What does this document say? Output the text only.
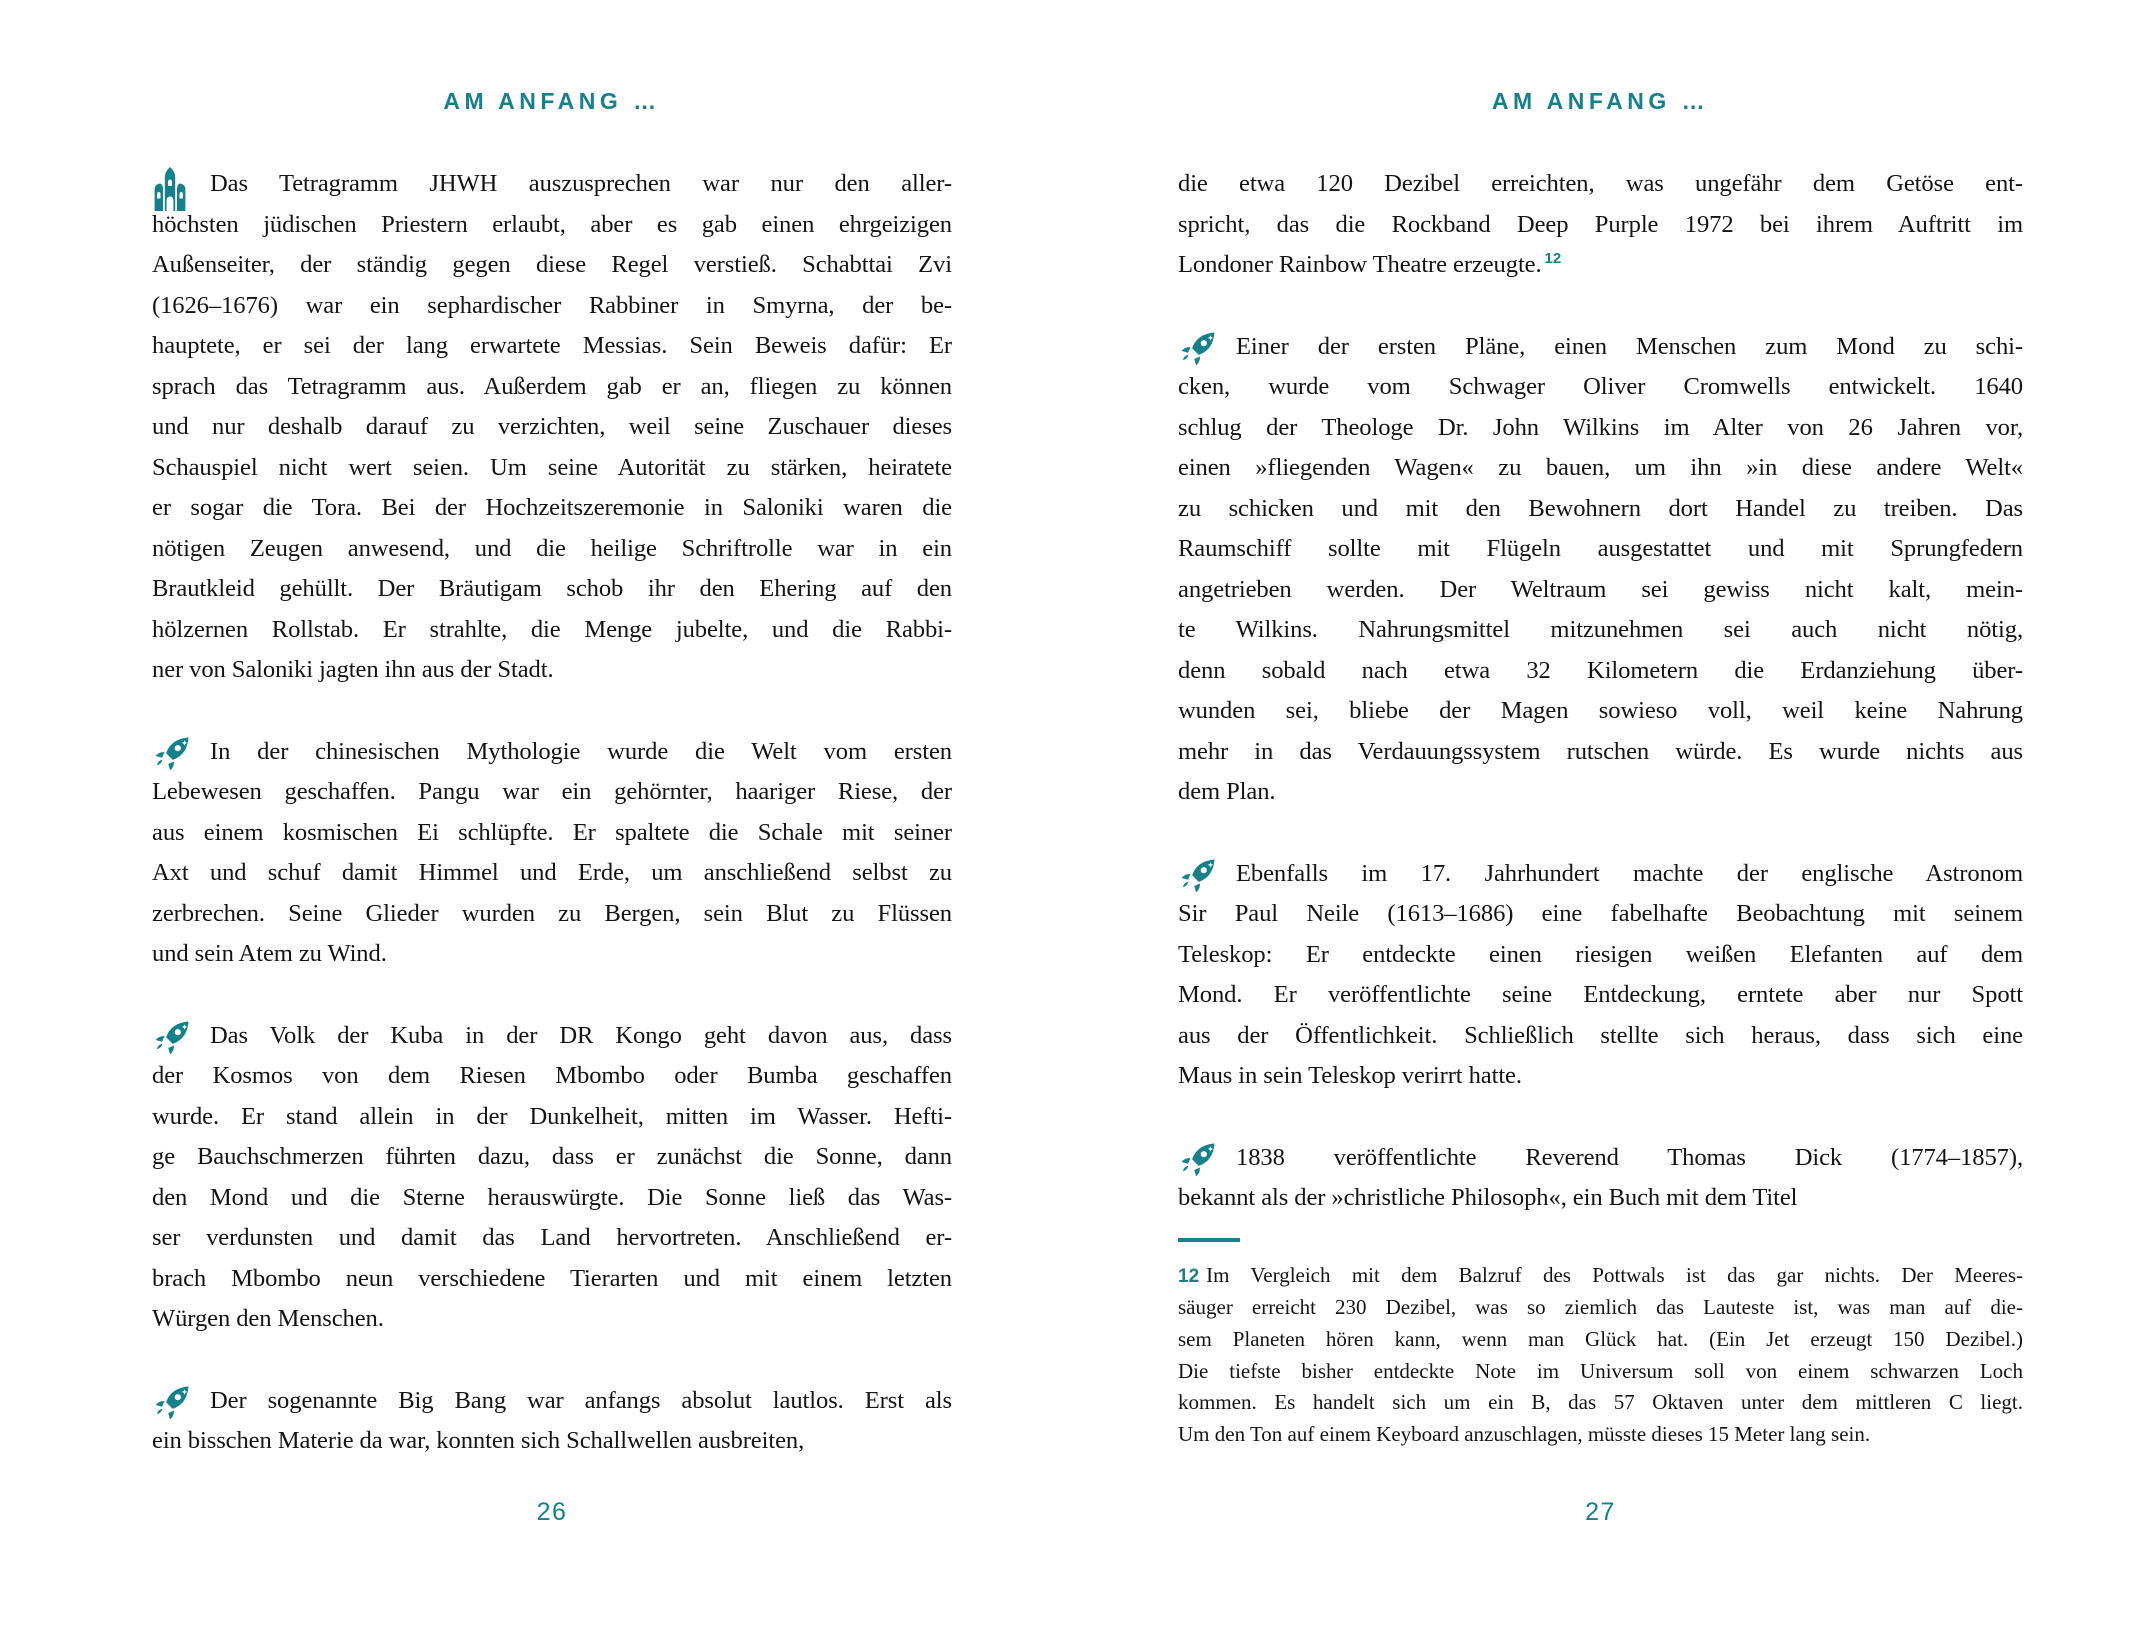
AM ANFANG …
Das Tetragramm JHWH auszusprechen war nur den aller-
höchsten jüdischen Priestern erlaubt, aber es gab einen ehrgeizigen
Außenseiter, der ständig gegen diese Regel verstieß. Schabttai Zvi
(1626–1676) war ein sephardischer Rabbiner in Smyrna, der be-
hauptete, er sei der lang erwartete Messias. Sein Beweis dafür: Er
sprach das Tetragramm aus. Außerdem gab er an, fliegen zu können
und nur deshalb darauf zu verzichten, weil seine Zuschauer dieses
Schauspiel nicht wert seien. Um seine Autorität zu stärken, heiratete
er sogar die Tora. Bei der Hochzeitszeremonie in Saloniki waren die
nötigen Zeugen anwesend, und die heilige Schriftrolle war in ein
Brautkleid gehüllt. Der Bräutigam schob ihr den Ehering auf den
hölzernen Rollstab. Er strahlte, die Menge jubelte, und die Rabbi-
ner von Saloniki jagten ihn aus der Stadt.
In der chinesischen Mythologie wurde die Welt vom ersten
Lebewesen geschaffen. Pangu war ein gehörnter, haariger Riese, der
aus einem kosmischen Ei schlüpfte. Er spaltete die Schale mit seiner
Axt und schuf damit Himmel und Erde, um anschließend selbst zu
zerbrechen. Seine Glieder wurden zu Bergen, sein Blut zu Flüssen
und sein Atem zu Wind.
Das Volk der Kuba in der DR Kongo geht davon aus, dass
der Kosmos von dem Riesen Mbombo oder Bumba geschaffen
wurde. Er stand allein in der Dunkelheit, mitten im Wasser. Hefti-
ge Bauchschmerzen führten dazu, dass er zunächst die Sonne, dann
den Mond und die Sterne herauswürgte. Die Sonne ließ das Was-
ser verdunsten und damit das Land hervortreten. Anschließend er-
brach Mbombo neun verschiedene Tierarten und mit einem letzten
Würgen den Menschen.
Der sogenannte Big Bang war anfangs absolut lautlos. Erst als
ein bisschen Materie da war, konnten sich Schallwellen ausbreiten,
26
AM ANFANG …
die etwa 120 Dezibel erreichten, was ungefähr dem Getöse ent-
spricht, das die Rockband Deep Purple 1972 bei ihrem Auftritt im
Londoner Rainbow Theatre erzeugte. $^{12}$
Einer der ersten Pläne, einen Menschen zum Mond zu schi-
cken, wurde vom Schwager Oliver Cromwells entwickelt. 1640
schlug der Theologe Dr. John Wilkins im Alter von 26 Jahren vor,
einen »fliegenden Wagen« zu bauen, um ihn »in diese andere Welt«
zu schicken und mit den Bewohnern dort Handel zu treiben. Das
Raumschiff sollte mit Flügeln ausgestattet und mit Sprungfedern
angetrieben werden. Der Weltraum sei gewiss nicht kalt, mein-
te Wilkins. Nahrungsmittel mitzunehmen sei auch nicht nötig,
denn sobald nach etwa 32 Kilometern die Erdanziehung über-
wunden sei, bliebe der Magen sowieso voll, weil keine Nahrung
mehr in das Verdauungssystem rutschen würde. Es wurde nichts aus
dem Plan.
Ebenfalls im 17. Jahrhundert machte der englische Astronom
Sir Paul Neile (1613–1686) eine fabelhafte Beobachtung mit seinem
Teleskop: Er entdeckte einen riesigen weißen Elefanten auf dem
Mond. Er veröffentlichte seine Entdeckung, erntete aber nur Spott
aus der Öffentlichkeit. Schließlich stellte sich heraus, dass sich eine
Maus in sein Teleskop verirrt hatte.
1838 veröffentlichte Reverend Thomas Dick (1774–1857),
bekannt als der »christliche Philosoph«, ein Buch mit dem Titel
12 Im Vergleich mit dem Balzruf des Pottwals ist das gar nichts. Der Meeres-
säuger erreicht 230 Dezibel, was so ziemlich das Lauteste ist, was man auf die-
sem Planeten hören kann, wenn man Glück hat. (Ein Jet erzeugt 150 Dezibel.)
Die tiefste bisher entdeckte Note im Universum soll von einem schwarzen Loch
kommen. Es handelt sich um ein B, das 57 Oktaven unter dem mittleren C liegt.
Um den Ton auf einem Keyboard anzuschlagen, müsste dieses 15 Meter lang sein.
27
